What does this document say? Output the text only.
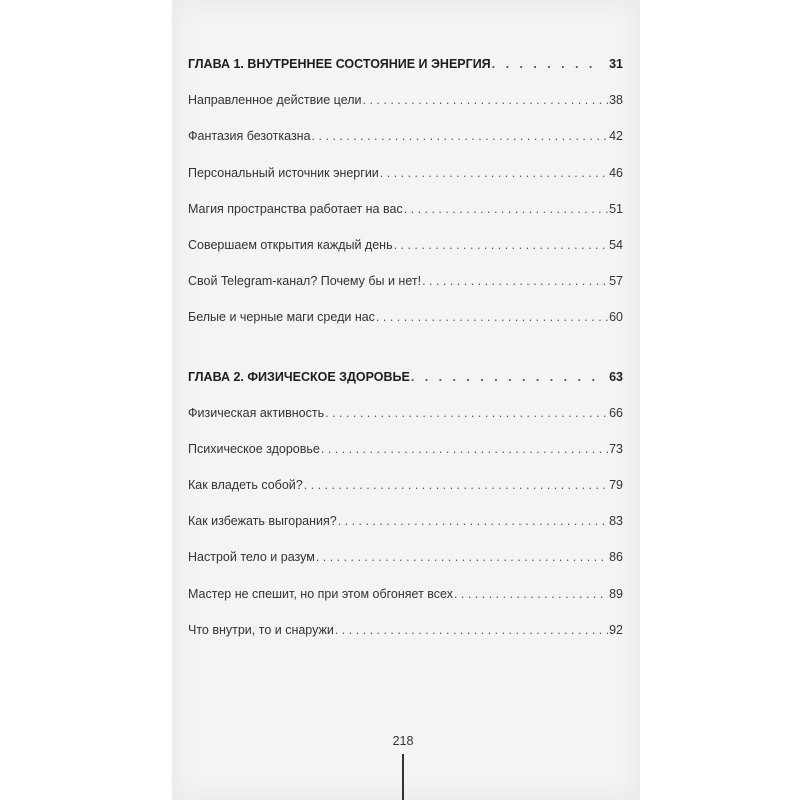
ГЛАВА 1. ВНУТРЕННЕЕ СОСТОЯНИЕ И ЭНЕРГИЯ . .	31
Направленное действие цели . . .	38
Фантазия безотказна . . .	42
Персональный источник энергии . . .	46
Магия пространства работает на вас . . .	51
Совершаем открытия каждый день . . .	54
Свой Telegram-канал? Почему бы и нет! . . .	57
Белые и черные маги среди нас . . .	60
ГЛАВА 2. ФИЗИЧЕСКОЕ ЗДОРОВЬЕ . .	63
Физическая активность . . .	66
Психическое здоровье . . .	73
Как владеть собой? . . .	79
Как избежать выгорания? . . .	83
Настрой тело и разум . . .	86
Мастер не спешит, но при этом обгоняет всех . . .	89
Что внутри, то и снаружи . . .	92
218
